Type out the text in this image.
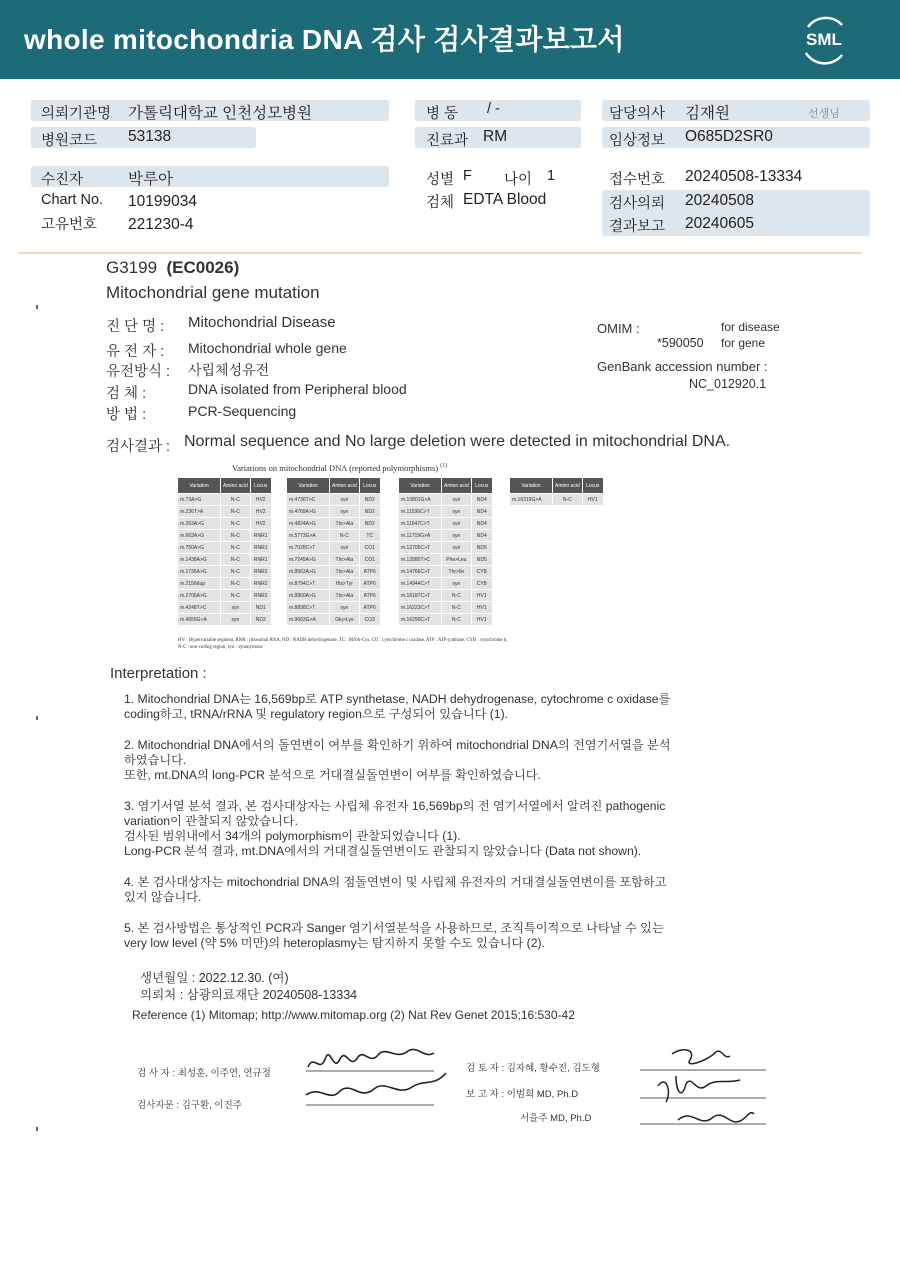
whole mitochondria DNA 검사 검사결과보고서	SML
의뢰기관명 가톨릭대학교 인천성모병원
병원코드 53138
병 동 / -
진료과 RM
담당의사 김재원	선생님
임상정보 O685D2SR0
수진자	박루아
Chart No. 10199034
고유번호 221230-4
성별 F 나이 1
검체 EDTA Blood
접수번호 20240508-13334
검사의뢰 20240508
결과보고 20240605
G3199 (EC0026)
Mitochondrial gene mutation
진 단 명 : Mitochondrial Disease
유 전 자 : Mitochondrial whole gene
유전방식 : 사립체성유전
검 체 :	DNA isolated from Peripheral blood
방 법 :	PCR-Sequencing
OMIM :	for disease
*590050 for gene
GenBank accession number :
NC_012920.1
검사결과 : Normal sequence and No large deletion were detected in mitochondrial DNA.
Variations on mitochondrial DNA (reported polymorphisms) $^{(1)}$
Variation	Amino acid	Locus
m.73A>G	N-C	HV2
m.236T>A	N-C	HV2
m.263A>G	N-C	HV2
m.663A>G	N-C	RNR1
m.750A>G	N-C	RNR1
m.1438A>G	N-C	RNR1
m.1736A>G	N-C	RNR2
m.2156dup	N-C	RNR2
m.2706A>G	N-C	RNR2
m.4248T>C	syn	ND1
m.4655G>A	syn	ND2
Variation	Amino acid	Locus
m.4736T>C	syn	ND2
m.4769A>G	syn	ND2
m.4824A>G	Thr>Ala	ND2
m.5773G>A	N-C	TC
m.7028C>T	syn	CO1
m.7245A>G	Thr>Ala	CO1
m.8563A>G	Thr>Ala	ATP6
m.8794C>T	His>Tyr	ATP6
m.8860A>G	Thr>Ala	ATP6
m.8898C>T	syn	ATP6
m.9663G>A	Glu>Lys	CO3
Variation	Amino acid	Locus
m.10801G>A	syn	ND4
m.11536C>T	syn	ND4
m.11647C>T	syn	ND4
m.11719G>A	syn	ND4
m.12705C>T	syn	ND5
m.12880T>C	Phe>Leu	ND5
m.14766C>T	Thr>Ile	CYB
m.14944C>T	syn	CYB
m.16187C>T	N-C	HV1
m.16223C>T	N-C	HV1
m.16290C>T	N-C	HV1
Variation	Amino acid	Locus
m.16319G>A	N-C	HV1
HV : Hypervariable segment, RNR : ribosomal RNA, ND : NADH dehydrogenase, TC : tRNA-Cys, CO : cytochrome c oxidase, ATP : ATP synthase, CYB : cytochrome b,
N-C : non-coding region, syn : synonymous
Interpretation :
1. Mitochondrial DNA는 16,569bp로 ATP synthetase, NADH dehydrogenase, cytochrome c oxidase를
coding하고, tRNA/rRNA 및 regulatory region으로 구성되어 있습니다 (1).
2. Mitochondrial DNA에서의 돌연변이 여부를 확인하기 위하여 mitochondrial DNA의 전염기서열을 분석
하였습니다.
또한, mt.DNA의 long-PCR 분석으로 거대결실돌연변이 여부를 확인하였습니다.
3. 염기서열 분석 결과, 본 검사대상자는 사립체 유전자 16,569bp의 전 염기서열에서 알려진 pathogenic
variation이 관찰되지 않았습니다.
검사된 범위내에서 34개의 polymorphism이 관찰되었습니다 (1).
Long-PCR 분석 결과, mt.DNA에서의 거대결실돌연변이도 관찰되지 않았습니다 (Data not shown).
4. 본 검사대상자는 mitochondrial DNA의 점돌연변이 및 사립체 유전자의 거대결실돌연변이를 포함하고
있지 않습니다.
5. 본 검사방법은 통상적인 PCR과 Sanger 염기서열분석을 사용하므로, 조직특이적으로 나타날 수 있는
very low level (약 5% 미만)의 heteroplasmy는 탐지하지 못할 수도 있습니다 (2).
생년월일 : 2022.12.30. (여)
의뢰처 : 삼광의료재단 20240508-13334
Reference (1) Mitomap; http://www.mitomap.org (2) Nat Rev Genet 2015;16:530-42
검 사 자 : 최성훈, 이주연, 연규정
검사자문 : 김구환, 이진주
검 토 자 : 김자혜, 황수진, 김도형
보 고 자 : 이범희 MD, Ph.D
서을주 MD, Ph.D
